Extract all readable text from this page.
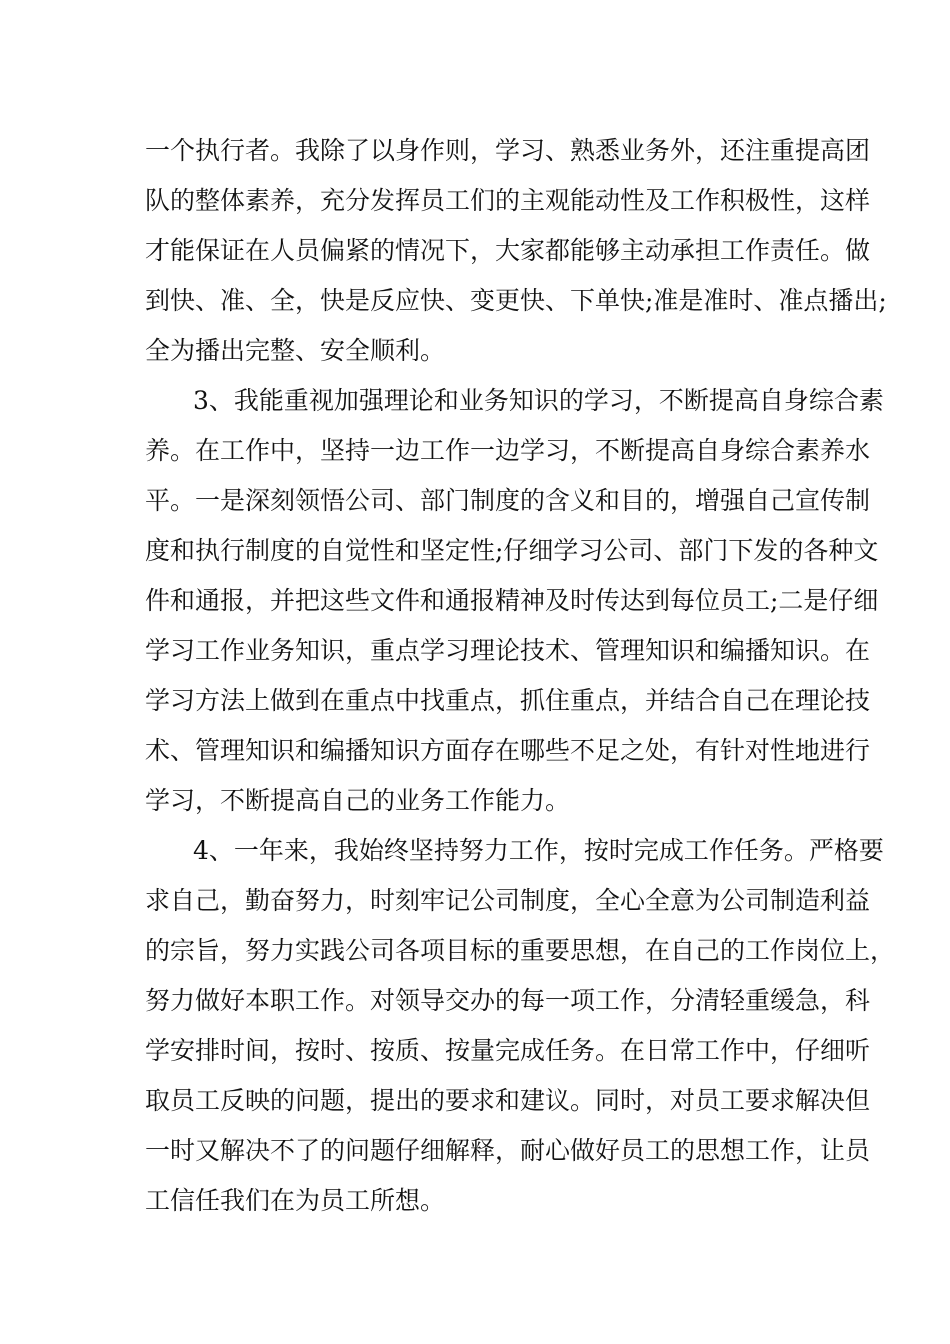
一个执行者。我除了以身作则，学习、熟悉业务外，还注重提高团
队的整体素养，充分发挥员工们的主观能动性及工作积极性，这样
才能保证在人员偏紧的情况下，大家都能够主动承担工作责任。做
到快、准、全，快是反应快、变更快、下单快;准是准时、准点播出;
全为播出完整、安全顺利。
3、我能重视加强理论和业务知识的学习，不断提高自身综合素
养。在工作中，坚持一边工作一边学习，不断提高自身综合素养水
平。一是深刻领悟公司、部门制度的含义和目的，增强自己宣传制
度和执行制度的自觉性和坚定性;仔细学习公司、部门下发的各种文
件和通报，并把这些文件和通报精神及时传达到每位员工;二是仔细
学习工作业务知识，重点学习理论技术、管理知识和编播知识。在
学习方法上做到在重点中找重点，抓住重点，并结合自己在理论技
术、管理知识和编播知识方面存在哪些不足之处，有针对性地进行
学习，不断提高自己的业务工作能力。
4、一年来，我始终坚持努力工作，按时完成工作任务。严格要
求自己，勤奋努力，时刻牢记公司制度，全心全意为公司制造利益
的宗旨，努力实践公司各项目标的重要思想，在自己的工作岗位上，
努力做好本职工作。对领导交办的每一项工作，分清轻重缓急，科
学安排时间，按时、按质、按量完成任务。在日常工作中，仔细听
取员工反映的问题，提出的要求和建议。同时，对员工要求解决但
一时又解决不了的问题仔细解释，耐心做好员工的思想工作，让员
工信任我们在为员工所想。
